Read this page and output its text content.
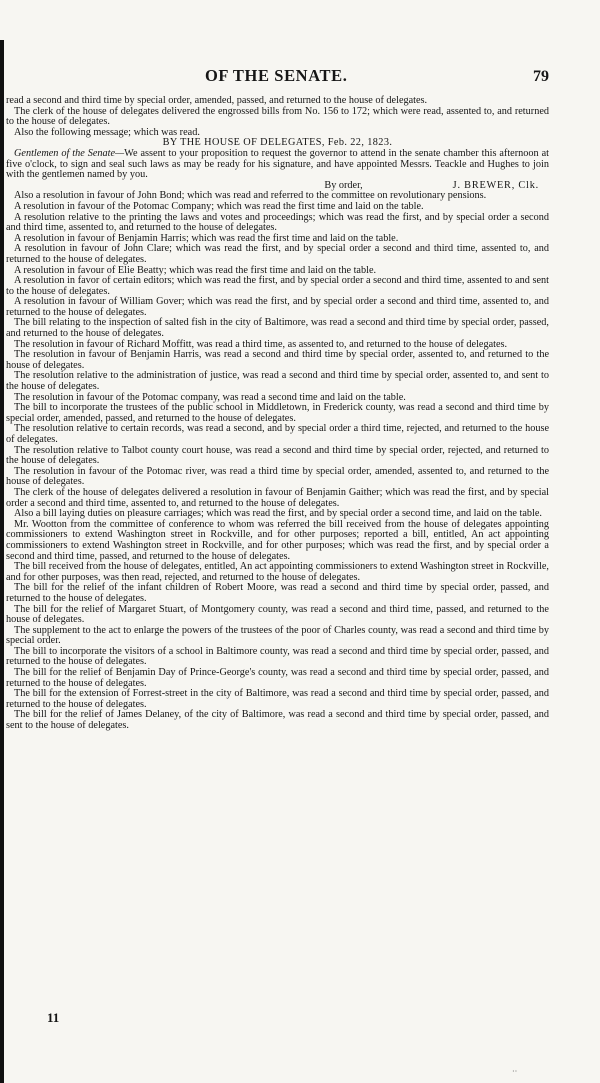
OF THE SENATE.	79

read a second and third time by special order, amended, passed, and returned to the house of delegates.

The clerk of the house of delegates delivered the engrossed bills from No. 156 to 172; which were read, assented to, and returned to the house of delegates.

Also the following message; which was read.

BY THE HOUSE OF DELEGATES, Feb. 22, 1823.

Gentlemen of the Senate—We assent to your proposition to request the governor to attend in the senate chamber this afternoon at five o'clock, to sign and seal such laws as may be ready for his signature, and have appointed Messrs. Teackle and Hughes to join with the gentlemen named by you.

By order,	J. BREWER, Clk.

Also a resolution in favour of John Bond; which was read and referred to the committee on revolutionary pensions.

A resolution in favour of the Potomac Company; which was read the first time and laid on the table.

A resolution relative to the printing the laws and votes and proceedings; which was read the first, and by special order a second and third time, assented to, and returned to the house of delegates.

A resolution in favour of Benjamin Harris; which was read the first time and laid on the table.

A resolution in favour of John Clare; which was read the first, and by special order a second and third time, assented to, and returned to the house of delegates.

A resolution in favour of Elie Beatty; which was read the first time and laid on the table.

A resolution in favor of certain editors; which was read the first, and by special order a second and third time, assented to and sent to the house of delegates.

A resolution in favour of William Gover; which was read the first, and by special order a second and third time, assented to, and returned to the house of delegates.

The bill relating to the inspection of salted fish in the city of Baltimore, was read a second and third time by special order, passed, and returned to the house of delegates.

The resolution in favour of Richard Moffitt, was read a third time, as assented to, and returned to the house of delegates.

The resolution in favour of Benjamin Harris, was read a second and third time by special order, assented to, and returned to the house of delegates.

The resolution relative to the administration of justice, was read a second and third time by special order, assented to, and sent to the house of delegates.

The resolution in favour of the Potomac company, was read a second time and laid on the table.

The bill to incorporate the trustees of the public school in Middletown, in Frederick county, was read a second and third time by special order, amended, passed, and returned to the house of delegates.

The resolution relative to certain records, was read a second, and by special order a third time, rejected, and returned to the house of delegates.

The resolution relative to Talbot county court house, was read a second and third time by special order, rejected, and returned to the house of delegates.

The resolution in favour of the Potomac river, was read a third time by special order, amended, assented to, and returned to the house of delegates.

The clerk of the house of delegates delivered a resolution in favour of Benjamin Gaither; which was read the first, and by special order a second and third time, assented to, and returned to the house of delegates.

Also a bill laying duties on pleasure carriages; which was read the first, and by special order a second time, and laid on the table.

Mr. Wootton from the committee of conference to whom was referred the bill received from the house of delegates appointing commissioners to extend Washington street in Rockville, and for other purposes; reported a bill, entitled, An act appointing commissioners to extend Washington street in Rockville, and for other purposes; which was read the first, and by special order a second and third time, passed, and returned to the house of delegates.

The bill received from the house of delegates, entitled, An act appointing commissioners to extend Washington street in Rockville, and for other purposes, was then read, rejected, and returned to the house of delegates.

The bill for the relief of the infant children of Robert Moore, was read a second and third time by special order, passed, and returned to the house of delegates.

The bill for the relief of Margaret Stuart, of Montgomery county, was read a second and third time, passed, and returned to the house of delegates.

The supplement to the act to enlarge the powers of the trustees of the poor of Charles county, was read a second and third time by special order.

The bill to incorporate the visitors of a school in Baltimore county, was read a second and third time by special order, passed, and returned to the house of delegates.

The bill for the relief of Benjamin Day of Prince-George's county, was read a second and third time by special order, passed, and returned to the house of delegates.

The bill for the extension of Forrest-street in the city of Baltimore, was read a second and third time by special order, passed, and returned to the house of delegates.

The bill for the relief of James Delaney, of the city of Baltimore, was read a second and third time by special order, passed, and sent to the house of delegates.

11
··
